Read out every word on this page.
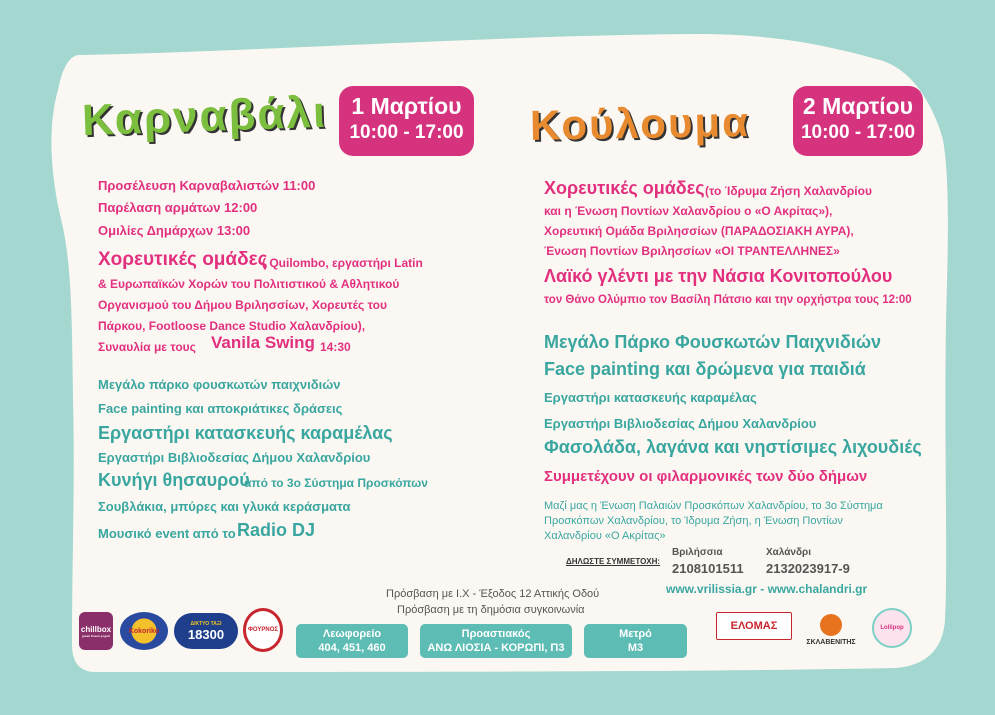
Καρναβάλι	1 Μαρτίου
10:00 - 17:00 Κούλουμα	2 Μαρτίου
10:00 - 17:00
Προσέλευση Καρναβαλιστών 11:00
Παρέλαση αρμάτων 12:00
Ομιλίες Δημάρχων 13:00
Χορευτικές ομάδες
( Quilombo, εργαστήρι Latin
& Ευρωπαϊκών Χορών του Πολιτιστικού & Αθλητικού
Οργανισμού του Δήμου Βριλησσίων, Χορευτές του
Πάρκου, Footloose Dance Studio Χαλανδρίου),
Συναυλία με τους Vanila Swing 14:30
Μεγάλο πάρκο φουσκωτών παιχνιδιών
Face painting και αποκριάτικες δράσεις
Εργαστήρι κατασκευής καραμέλας
Εργαστήρι Βιβλιοδεσίας Δήμου Χαλανδρίου
Κυνήγι θησαυρού
από το 3ο Σύστημα Προσκόπων
Σουβλάκια, μπύρες και γλυκά κεράσματα
Μουσικό event από το Radio DJ
Χορευτικές ομάδες (το Ίδρυμα Ζήση Χαλανδρίου
και η Ένωση Ποντίων Χαλανδρίου ο «Ο Ακρίτας»),
Χορευτική Ομάδα Βριλησσίων (ΠΑΡΑΔΟΣΙΑΚΗ ΑΥΡΑ),
Ένωση Ποντίων Βριλησσίων «ΟΙ ΤΡΑΝΤΕΛΛΗΝΕΣ»
Λαϊκό γλέντι με την Νάσια Κονιτοπούλου
τον Θάνο Ολύμπιο τον Βασίλη Πάτσιο και την ορχήστρα τους 12:00
Μεγάλο Πάρκο Φουσκωτών Παιχνιδιών
Face painting και δρώμενα για παιδιά
Εργαστήρι κατασκευής καραμέλας
Εργαστήρι Βιβλιοδεσίας Δήμου Χαλανδρίου
Φασολάδα, λαγάνα και νηστίσιμες λιχουδιές
Συμμετέχουν οι φιλαρμονικές των δύο δήμων
Μαζί μας η Ένωση Παλαιών Προσκόπων Χαλανδρίου, το 3ο Σύστημα
Προσκόπων Χαλανδρίου, το Ίδρυμα Ζήση, η Ένωση Ποντίων
Χαλανδρίου «Ο Ακρίτας»
ΔΗΛΩΣΤΕ ΣΥΜΜΕΤΟΧΗ:
Βριλήσσια
2108101511
Χαλάνδρι
2132023917-9
www.vrilissia.gr - www.chalandri.gr
Πρόσβαση με Ι.Χ - Έξοδος 12 Αττικής Οδού
Πρόσβαση με τη δημόσια συγκοινωνία
Λεωφορείο
404, 451, 460
Προαστιακός
ΑΝΩ ΛΙΟΣΙΑ - ΚΟΡΩΠΙ, Π3
Μετρό
Μ3
chillbox
greek frozen yogurt
Kokoriko
ΔΙΚΤΥΟ ΤΑΞΙ
18300	ΦΟΥΡΝΟΣ	ΕΛΟΜΑΣ
ΣΚΛΑΒΕΝΙΤΗΣ
Lollipop
